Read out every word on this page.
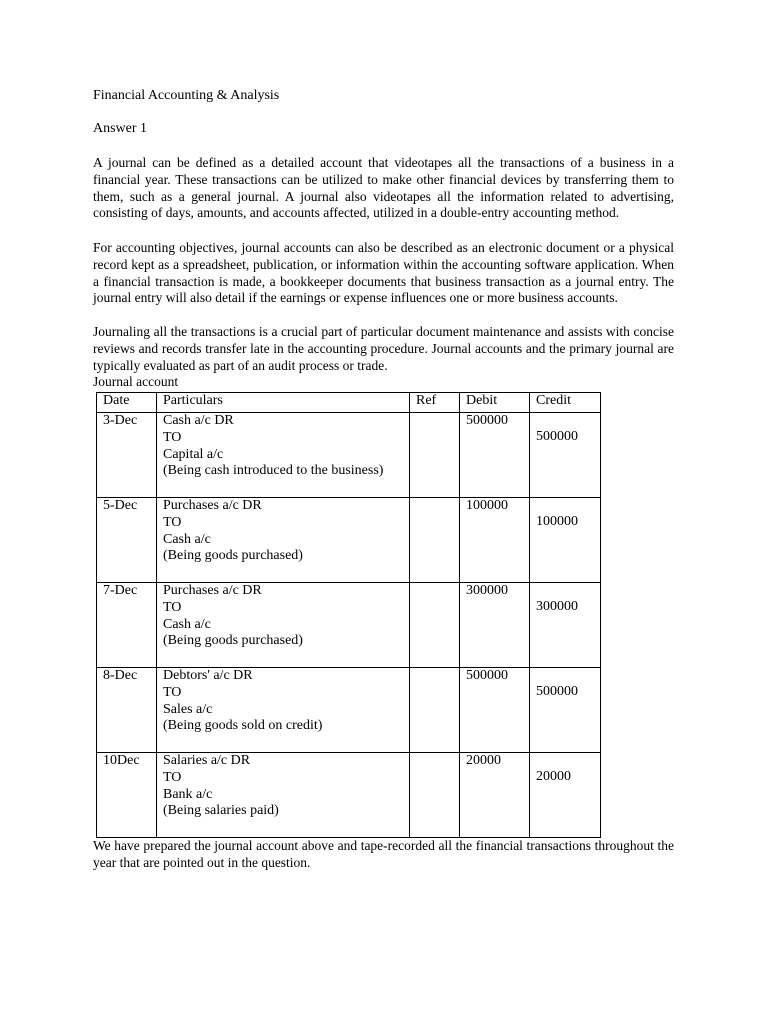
Financial Accounting & Analysis
Answer 1
A journal can be defined as a detailed account that videotapes all the transactions of a business in a financial year. These transactions can be utilized to make other financial devices by transferring them to them, such as a general journal. A journal also videotapes all the information related to advertising, consisting of days, amounts, and accounts affected, utilized in a double-entry accounting method.
For accounting objectives, journal accounts can also be described as an electronic document or a physical record kept as a spreadsheet, publication, or information within the accounting software application. When a financial transaction is made, a bookkeeper documents that business transaction as a journal entry. The journal entry will also detail if the earnings or expense influences one or more business accounts.
Journaling all the transactions is a crucial part of particular document maintenance and assists with concise reviews and records transfer late in the accounting procedure. Journal accounts and the primary journal are typically evaluated as part of an audit process or trade.
Journal account
Date	Particulars	Ref	Debit	Credit
3-Dec	Cash a/c DR
TO
Capital a/c
(Being cash introduced to the business)		500000	500000

5-Dec	Purchases a/c DR
TO
Cash a/c
(Being goods purchased)		100000	100000

7-Dec	Purchases a/c DR
TO
Cash a/c
(Being goods purchased)		300000	300000

8-Dec	Debtors' a/c DR
TO
Sales a/c
(Being goods sold on credit)		500000	500000

10Dec	Salaries a/c DR
TO
Bank a/c
(Being salaries paid)		20000	20000
We have prepared the journal account above and tape-recorded all the financial transactions throughout the year that are pointed out in the question.
